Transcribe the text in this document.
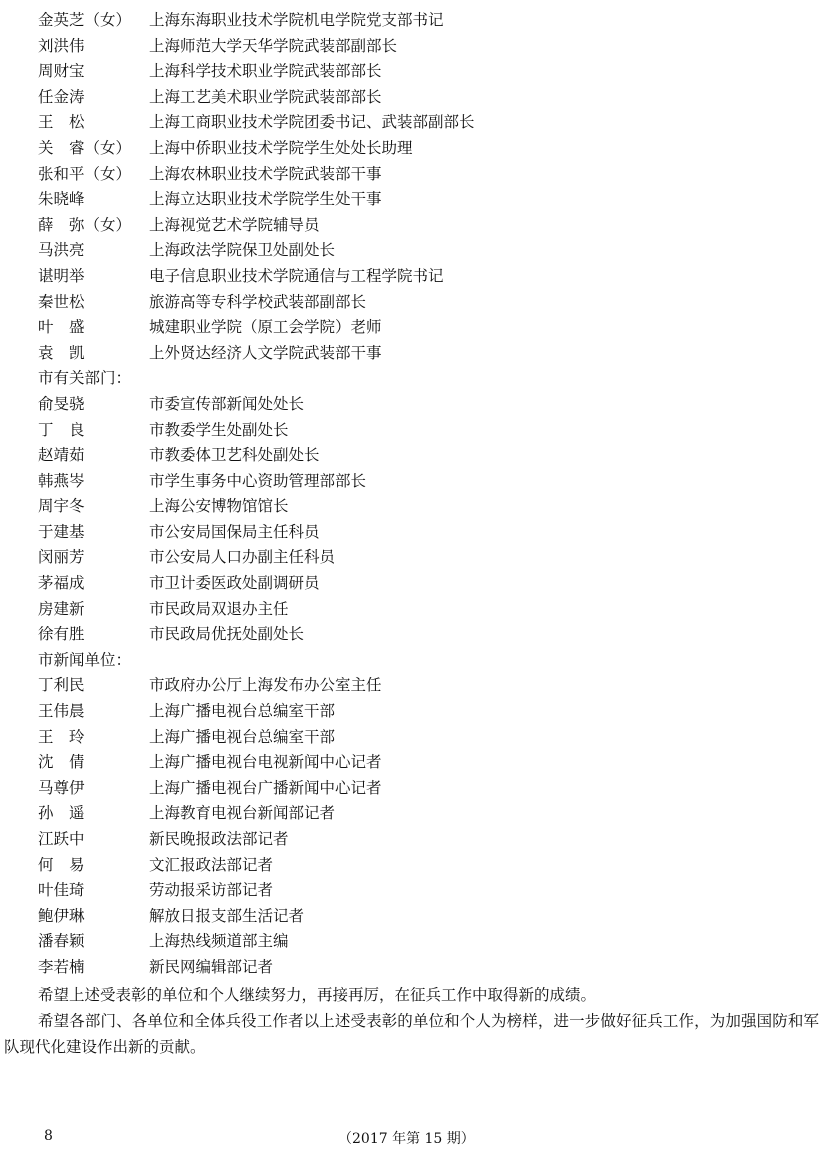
金英芝（女） 上海东海职业技术学院机电学院党支部书记
刘洪伟	上海师范大学天华学院武装部副部长
周财宝	上海科学技术职业学院武装部部长
任金涛	上海工艺美术职业学院武装部部长
王　松	上海工商职业技术学院团委书记、武装部副部长
关　睿（女） 上海中侨职业技术学院学生处处长助理
张和平（女） 上海农林职业技术学院武装部干事
朱晓峰	上海立达职业技术学院学生处干事
薛　弥（女） 上海视觉艺术学院辅导员
马洪亮	上海政法学院保卫处副处长
谌明举	电子信息职业技术学院通信与工程学院书记
秦世松	旅游高等专科学校武装部副部长
叶　盛	城建职业学院（原工会学院）老师
袁　凯	上外贤达经济人文学院武装部干事
市有关部门：
俞旻骁	市委宣传部新闻处处长
丁　良	市教委学生处副处长
赵靖茹	市教委体卫艺科处副处长
韩燕岑	市学生事务中心资助管理部部长
周宇冬	上海公安博物馆馆长
于建基	市公安局国保局主任科员
闵丽芳	市公安局人口办副主任科员
茅福成	市卫计委医政处副调研员
房建新	市民政局双退办主任
徐有胜	市民政局优抚处副处长
市新闻单位：
丁利民	市政府办公厅上海发布办公室主任
王伟晨	上海广播电视台总编室干部
王　玲	上海广播电视台总编室干部
沈　倩	上海广播电视台电视新闻中心记者
马尊伊	上海广播电视台广播新闻中心记者
孙　遥	上海教育电视台新闻部记者
江跃中	新民晚报政法部记者
何　易	文汇报政法部记者
叶佳琦	劳动报采访部记者
鲍伊琳	解放日报支部生活记者
潘春颖	上海热线频道部主编
李若楠	新民网编辑部记者
希望上述受表彰的单位和个人继续努力，再接再厉，在征兵工作中取得新的成绩。
希望各部门、各单位和全体兵役工作者以上述受表彰的单位和个人为榜样，进一步做好征兵工作，为加强国防和军队现代化建设作出新的贡献。
8	（2017 年第 15 期）
